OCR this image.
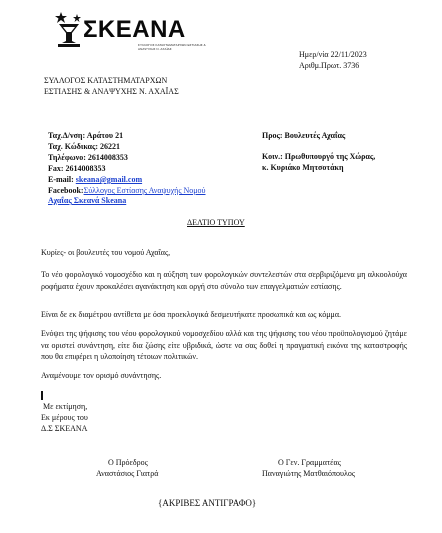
ΣΚΕΑΝΑ
ΣΥΛΛΟΓΟΣ ΚΑΤΑΣΤΗΜΑΤΑΡΧΩΝ ΕΣΤΙΑΣΗΣ & ΑΝΑΨΥΧΗΣ Ν. ΑΧΑΪΑΣ
Ημερ/νία 22/11/2023
Αριθμ.Πρωτ. 3736
ΣΥΛΛΟΓΟΣ ΚΑΤΑΣΤΗΜΑΤΑΡΧΩΝ
ΕΣΤΙΑΣΗΣ & ΑΝΑΨΥΧΗΣ Ν. ΑΧΑΪΑΣ
Ταχ.Δ/νση: Αράτου 21
Ταχ. Κώδικας: 26221
Τηλέφωνο: 2614008353
Fax: 2614008353
E-mail: skeana@gmail.com
Facebook:Σύλλογος Εστίασης Αναψυχής Νομού
Αχαΐας Σκεανά Skeana
Προς: Βουλευτές Αχαΐας
Κοιν.: Πρωθυπουργό της Χώρας,
κ. Κυριάκο Μητσοτάκη
ΔΕΛΤΙΟ ΤΥΠΟΥ
Κυρίες- οι βουλευτές του νομού Αχαΐας,
Το νέο φορολογικό νομοσχέδιο και η αύξηση των φορολογικών συντελεστών στα σερβιριζόμενα μη αλκοολούχα ροφήματα έχουν προκαλέσει αγανάκτηση και οργή στο σύνολο των επαγγελματιών εστίασης.
Είναι δε εκ διαμέτρου αντίθετα με όσα προεκλογικά δεσμευτήκατε προσωπικά και ως κόμμα.
Ενόψει της ψήφισης του νέου φορολογικού νομοσχεδίου αλλά και της ψήφισης του νέου προϋπολογισμού ζητάμε να οριστεί συνάντηση, είτε δια ζώσης είτε υβριδικά, ώστε να σας δοθεί η πραγματική εικόνα της καταστροφής που θα επιφέρει η υλοποίηση τέτοιων πολιτικών.
Αναμένουμε τον ορισμό συνάντησης.
Με εκτίμηση,
Εκ μέρους του
Δ.Σ ΣΚΕΑΝΑ
Ο Πρόεδρος
Αναστάσιος Γιατρά
Ο Γεν. Γραμματέας
Παναγιώτης Ματθαιόπουλος
{ΑΚΡΙΒΕΣ ΑΝΤΙΓΡΑΦΟ}
